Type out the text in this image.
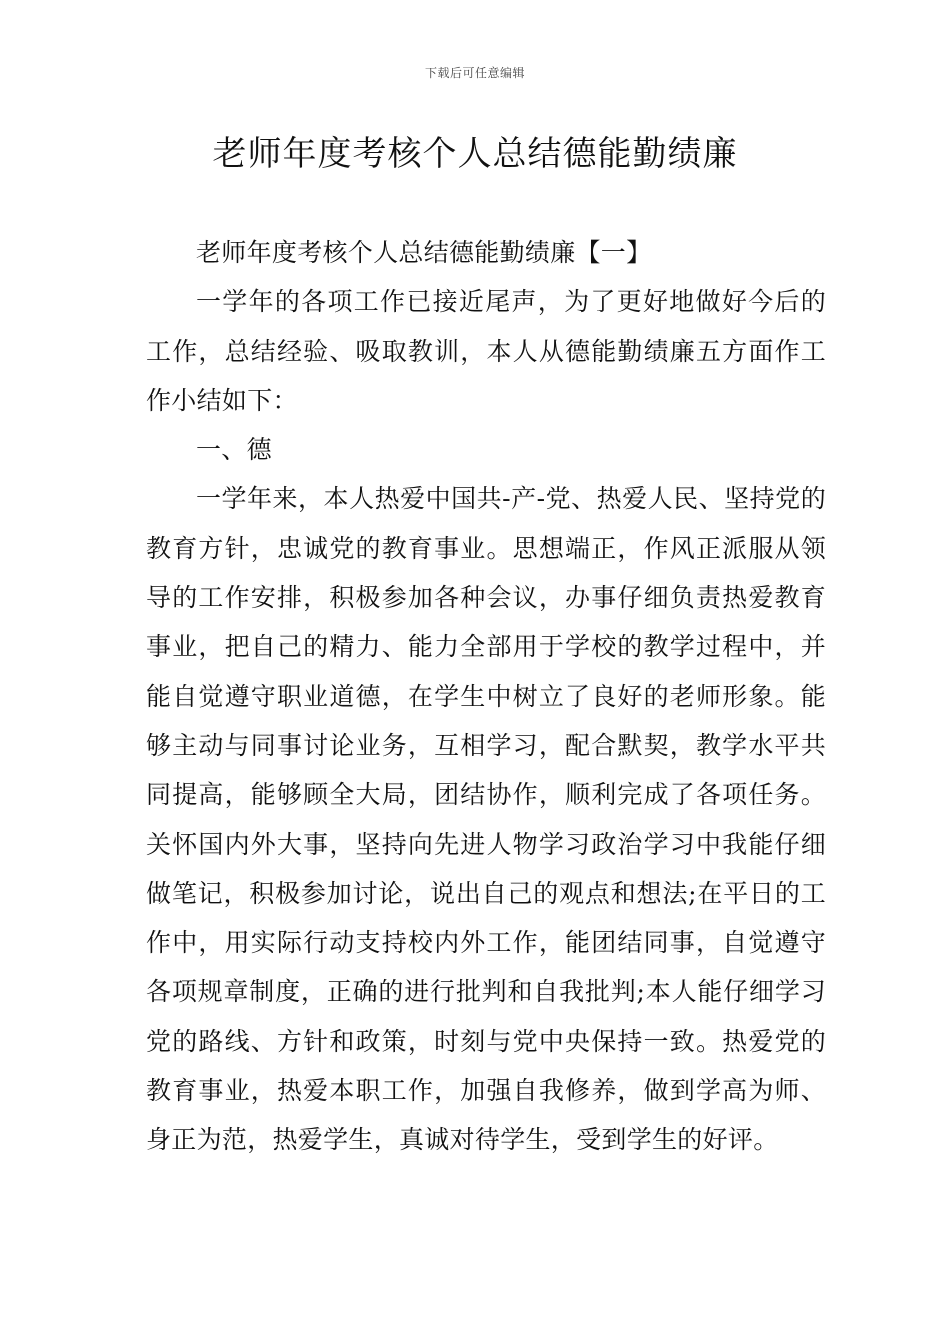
下载后可任意编辑
老师年度考核个人总结德能勤绩廉

老师年度考核个人总结德能勤绩廉【一】

一学年的各项工作已接近尾声，为了更好地做好今后的工作，总结经验、吸取教训，本人从德能勤绩廉五方面作工作小结如下：

一、德

一学年来，本人热爱中国共-产-党、热爱人民、坚持党的教育方针，忠诚党的教育事业。思想端正，作风正派服从领导的工作安排，积极参加各种会议，办事仔细负责热爱教育事业，把自己的精力、能力全部用于学校的教学过程中，并能自觉遵守职业道德，在学生中树立了良好的老师形象。能够主动与同事讨论业务，互相学习，配合默契，教学水平共同提高，能够顾全大局，团结协作，顺利完成了各项任务。关怀国内外大事，坚持向先进人物学习政治学习中我能仔细做笔记，积极参加讨论，说出自己的观点和想法;在平日的工作中，用实际行动支持校内外工作，能团结同事，自觉遵守各项规章制度，正确的进行批判和自我批判;本人能仔细学习党的路线、方针和政策，时刻与党中央保持一致。热爱党的教育事业，热爱本职工作，加强自我修养，做到学高为师、身正为范，热爱学生，真诚对待学生，受到学生的好评。
